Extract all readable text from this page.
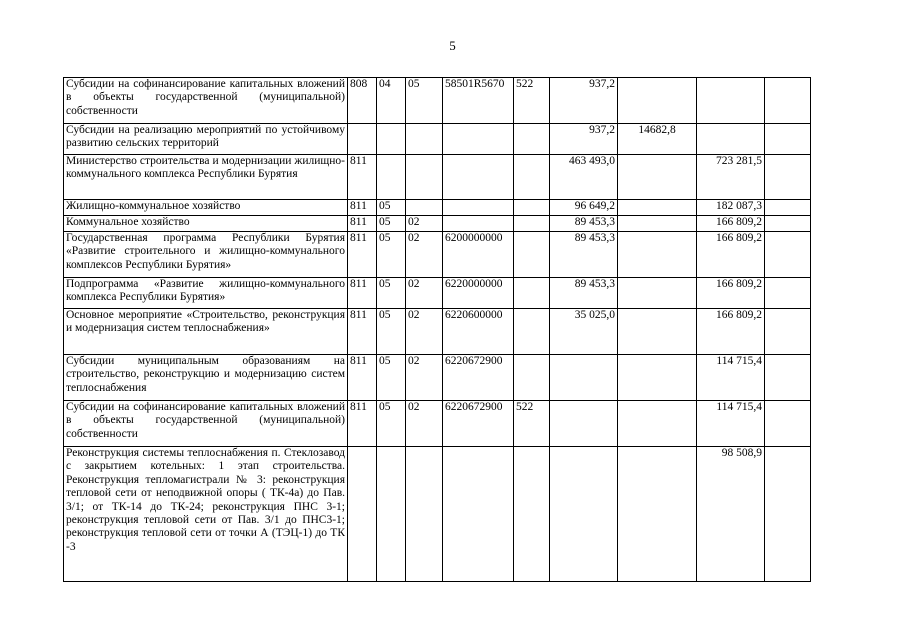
5
Субсидии на софинансирование капитальных вложений в объекты государственной (муниципальной) собственности	808	04	05	58501R5670	522	937,2			
Субсидии на реализацию мероприятий по устойчивому развитию сельских территорий						937,2	14682,8		
Министерство строительства и модернизации жилищно-коммунального комплекса Республики Бурятия	811					463 493,0		723 281,5	
Жилищно-коммунальное хозяйство	811	05				96 649,2		182 087,3	
Коммунальное хозяйство	811	05	02			89 453,3		166 809,2	
Государственная программа Республики Бурятия «Развитие строительного и жилищно-коммунального комплексов Республики Бурятия»	811	05	02	6200000000		89 453,3		166 809,2	
Подпрограмма «Развитие жилищно-коммунального комплекса Республики Бурятия»	811	05	02	6220000000		89 453,3		166 809,2	
Основное мероприятие «Строительство, реконструкция и модернизация систем теплоснабжения»	811	05	02	6220600000		35 025,0		166 809,2	
Субсидии муниципальным образованиям на строительство, реконструкцию и модернизацию систем теплоснабжения	811	05	02	6220672900				114 715,4	
Субсидии на софинансирование капитальных вложений в объекты государственной (муниципальной) собственности	811	05	02	6220672900	522			114 715,4	
Реконструкция системы теплоснабжения п. Стеклозавод с закрытием котельных: 1 этап строительства. Реконструкция тепломагистрали № 3: реконструкция тепловой сети от неподвижной опоры ( ТК-4а) до Пав. 3/1; от ТК-14 до ТК-24; реконструкция ПНС 3-1; реконструкция тепловой сети от Пав. 3/1 до ПНС3-1; реконструкция тепловой сети от точки А (ТЭЦ-1) до ТК -3								98 508,9	
